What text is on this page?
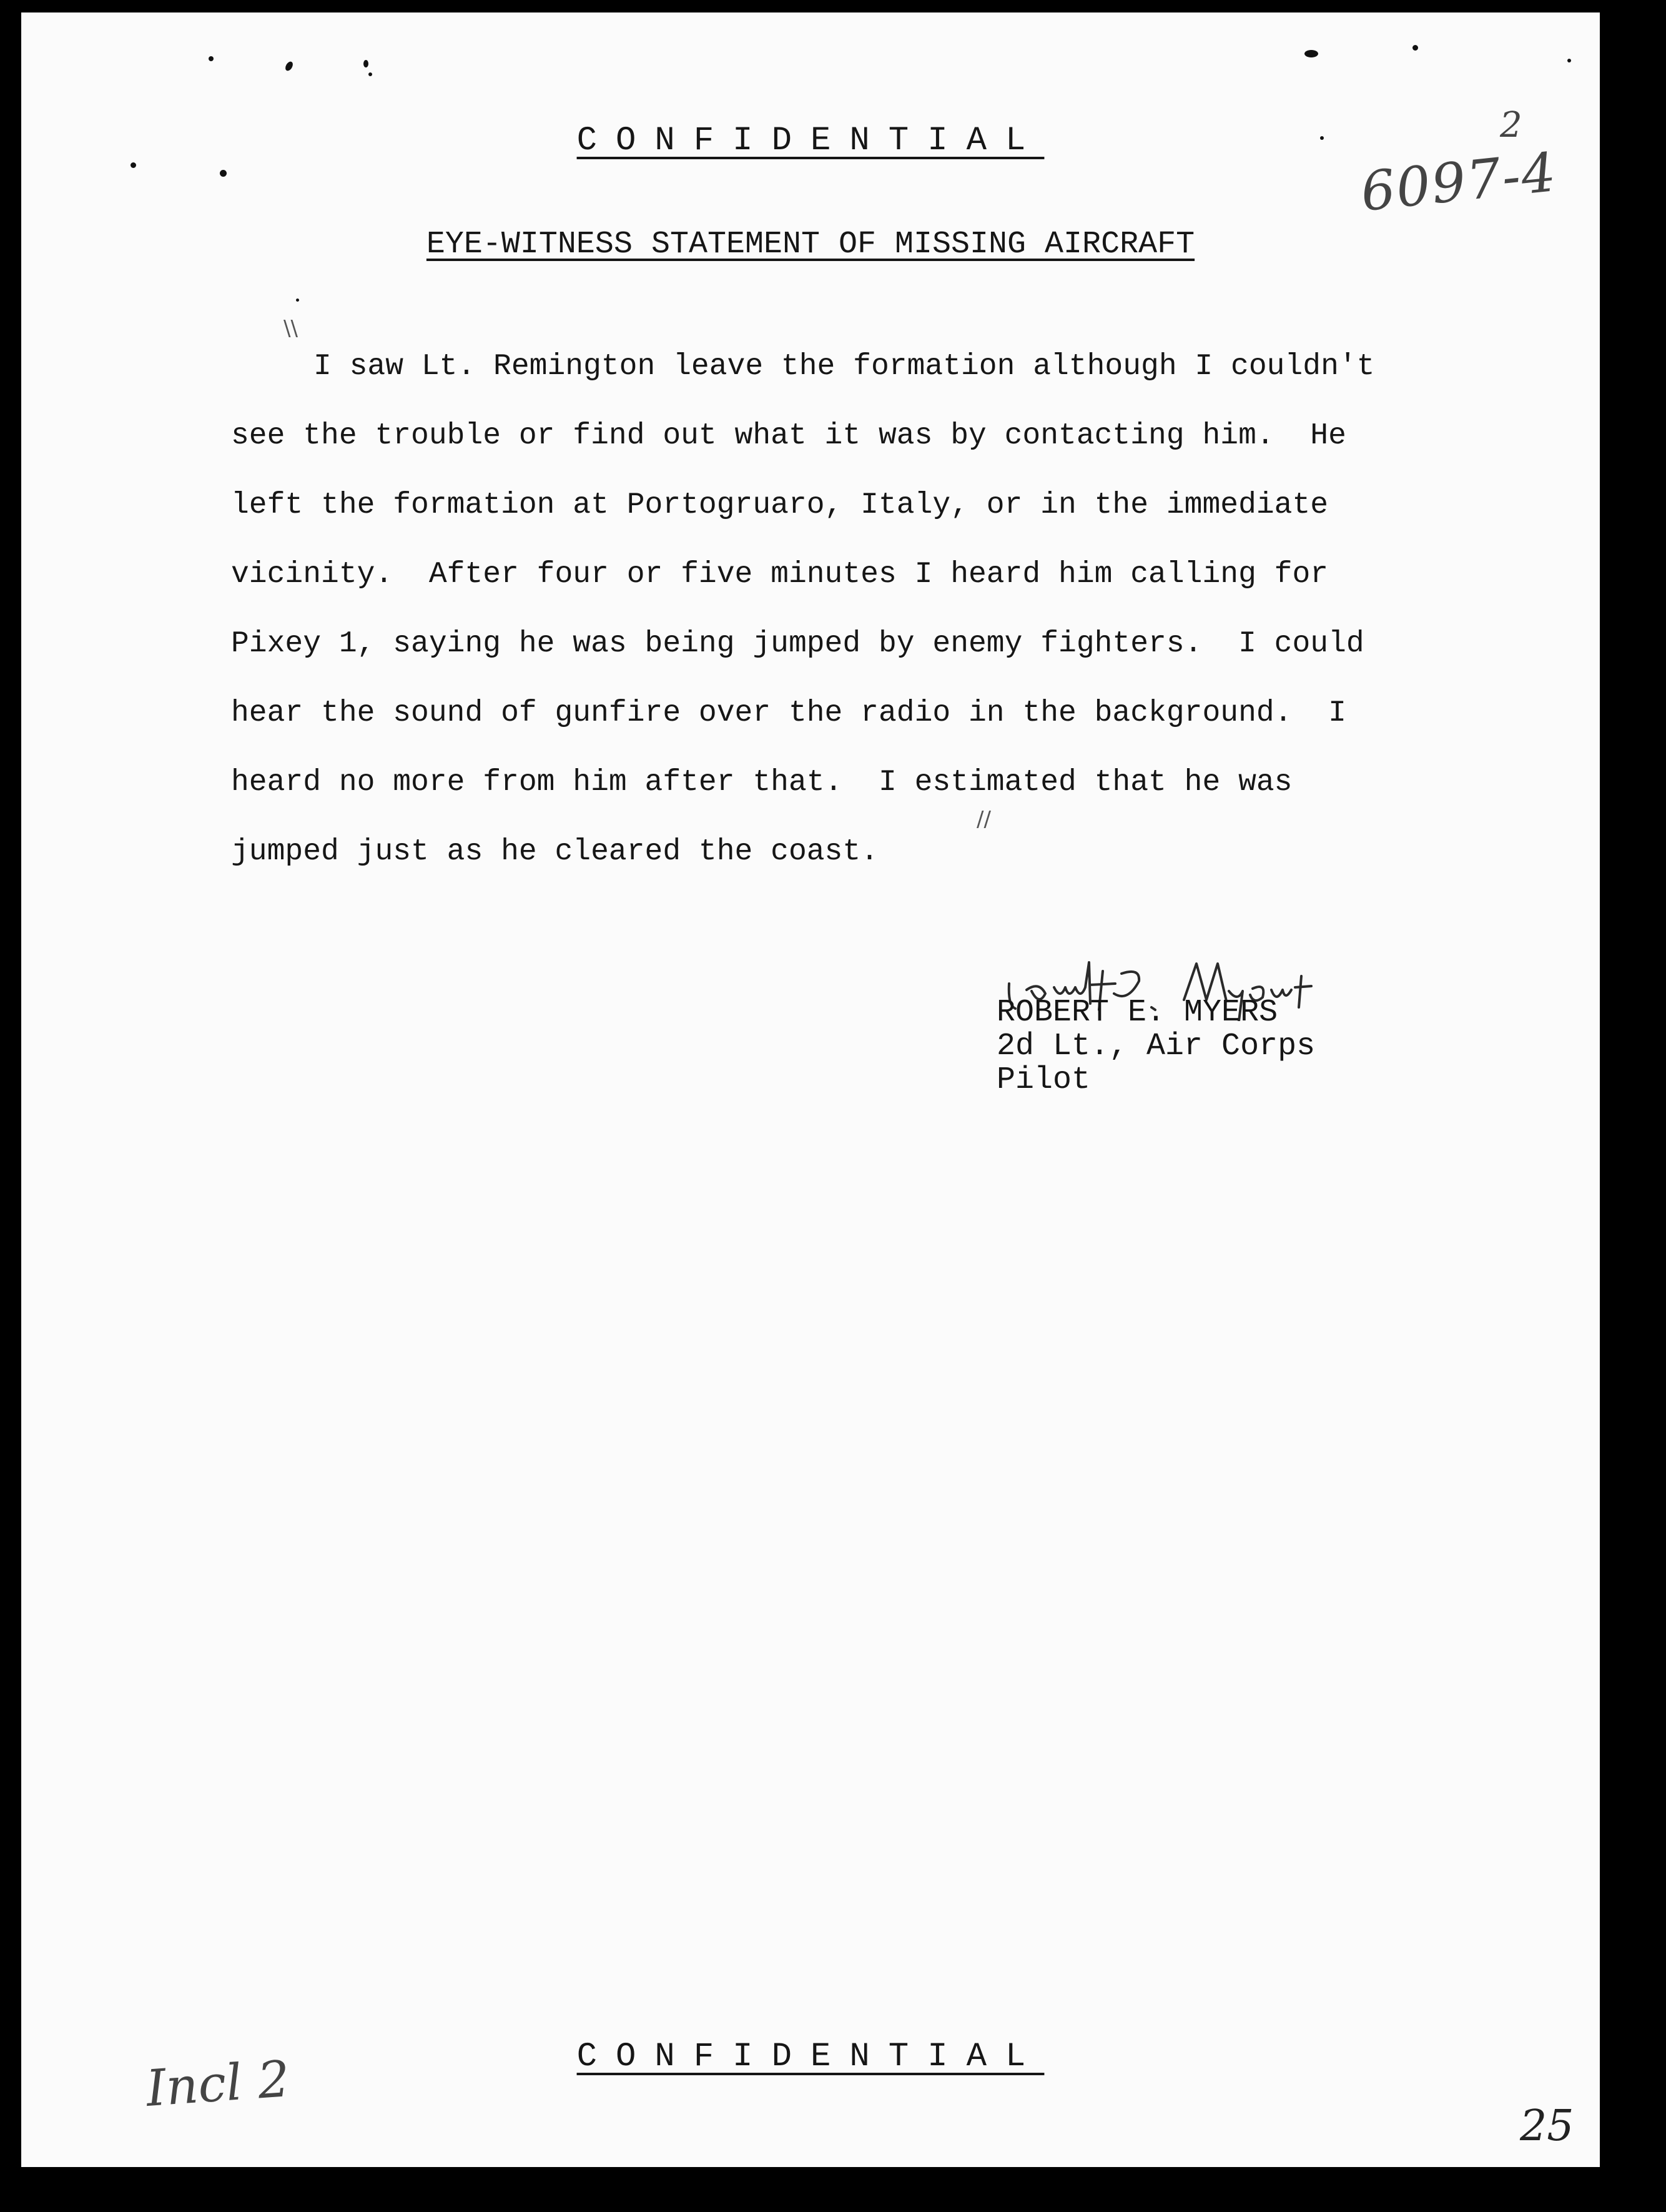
2
6097-4
CONFIDENTIAL
EYE-WITNESS STATEMENT OF MISSING AIRCRAFT
\\
//

I saw Lt. Remington leave the formation although I couldn't
see the trouble or find out what it was by contacting him.  He
left the formation at Portogruaro, Italy, or in the immediate
vicinity.  After four or five minutes I heard him calling for
Pixey 1, saying he was being jumped by enemy fighters.  I could
hear the sound of gunfire over the radio in the background.  I
heard no more from him after that.  I estimated that he was
jumped just as he cleared the coast.

ROBERT E. MYERS
2d Lt., Air Corps
Pilot
CONFIDENTIAL
Incl 2
25
